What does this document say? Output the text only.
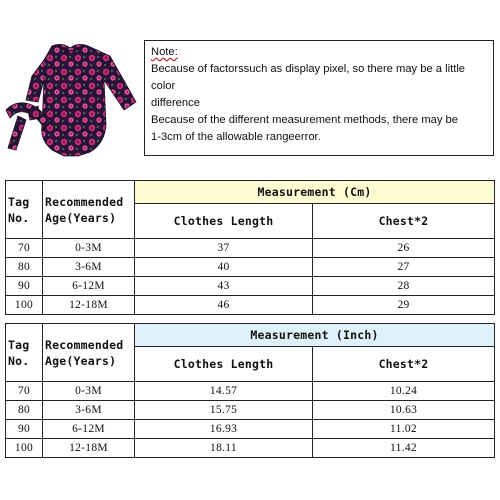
Note:
Because of factorssuch as display pixel, so there may be a little color
difference
Because of the different measurement methods, there may be
1-3cm of the allowable rangeerror.
Tag No.	Recommended Age(Years)	Measurement (Cm)	
		Clothes Length	Chest*2
70	0-3M	37	26
80	3-6M	40	27
90	6-12M	43	28
100	12-18M	46	29
Tag No.	Recommended Age(Years)	Measurement (Inch)	
		Clothes Length	Chest*2
70	0-3M	14.57	10.24
80	3-6M	15.75	10.63
90	6-12M	16.93	11.02
100	12-18M	18.11	11.42
